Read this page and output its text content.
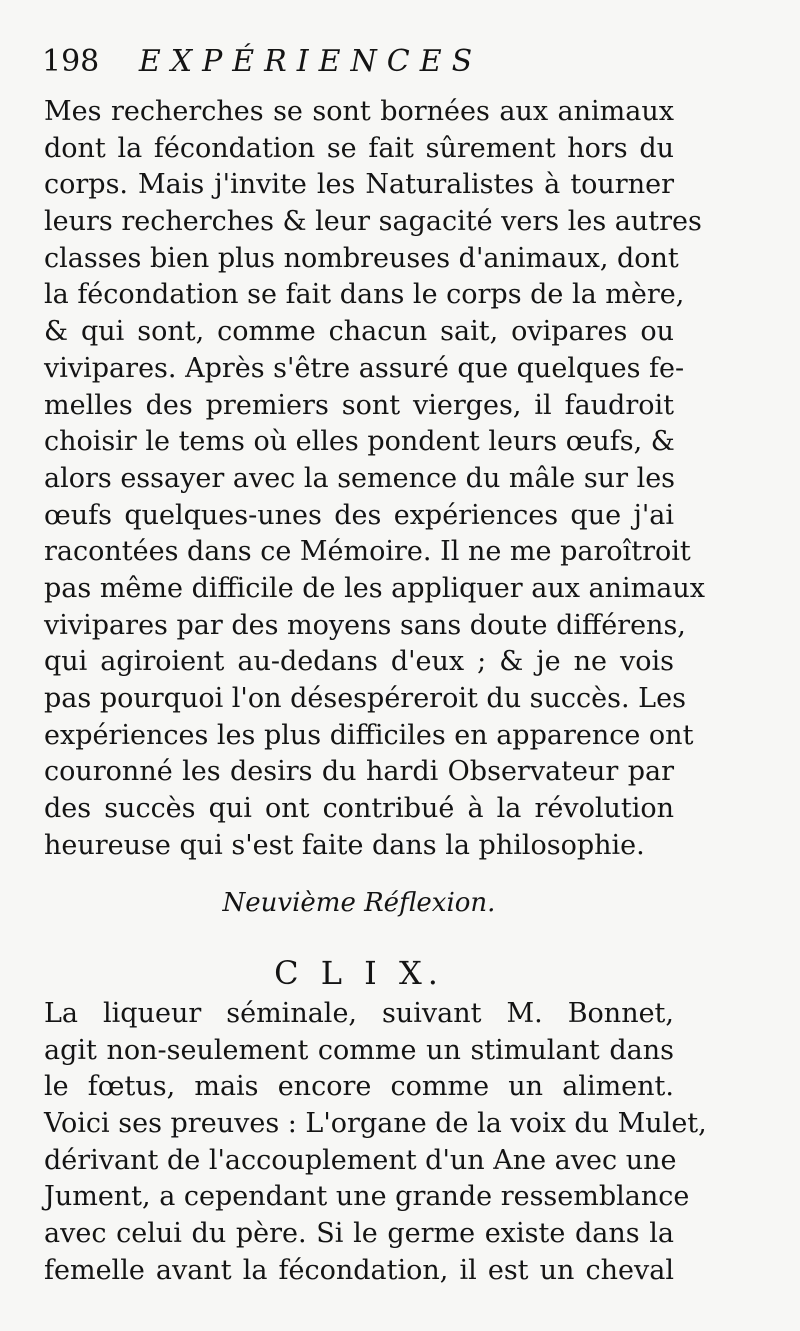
198 EXPÉRIENCES
Mes recherches se sont bornées aux animaux
dont la fécondation se fait sûrement hors du
corps. Mais j'invite les Naturalistes à tourner
leurs recherches & leur sagacité vers les autres
classes bien plus nombreuses d'animaux, dont
la fécondation se fait dans le corps de la mère,
& qui sont, comme chacun sait, ovipares ou
vivipares. Après s'être assuré que quelques fe-
melles des premiers sont vierges, il faudroit
choisir le tems où elles pondent leurs œufs, &
alors essayer avec la semence du mâle sur les
œufs quelques-unes des expériences que j'ai
racontées dans ce Mémoire. Il ne me paroîtroit
pas même difficile de les appliquer aux animaux
vivipares par des moyens sans doute différens,
qui agiroient au-dedans d'eux ; & je ne vois
pas pourquoi l'on désespéreroit du succès. Les
expériences les plus difficiles en apparence ont
couronné les desirs du hardi Observateur par
des succès qui ont contribué à la révolution
heureuse qui s'est faite dans la philosophie.
Neuvième Réflexion.
C L I X.
La liqueur séminale, suivant M. Bonnet,
agit non-seulement comme un stimulant dans
le fœtus, mais encore comme un aliment.
Voici ses preuves : L'organe de la voix du Mulet,
dérivant de l'accouplement d'un Ane avec une
Jument, a cependant une grande ressemblance
avec celui du père. Si le germe existe dans la
femelle avant la fécondation, il est un cheval
